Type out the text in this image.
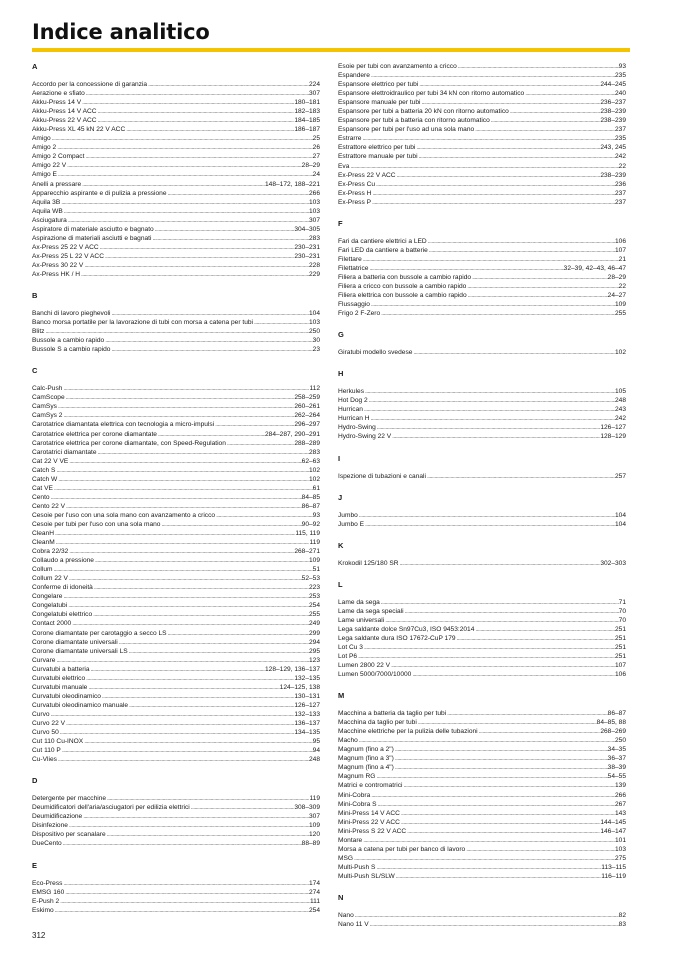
Indice analitico
A
Accordo per la concessione di garanzia .....	224
Aerazione e sfiato .....	307
Akku-Press 14 V .....	180–181
Akku-Press 14 V ACC .....	182–183
Akku-Press 22 V ACC .....	184–185
Akku-Press XL 45 kN 22 V ACC .....	186–187
Amigo .....	25
Amigo 2 .....	26
Amigo 2 Compact .....	27
Amigo 22 V .....	28–29
Amigo E .....	24
Anelli a pressare .....	148–172, 188–221
Apparecchio aspirante e di pulizia a pressione .....	266
Aquila 3B .....	103
Aquila WB .....	103
Asciugatura .....	307
Aspiratore di materiale asciutto e bagnato .....	304–305
Aspirazione di materiali asciutti e bagnati .....	283
Ax-Press 25 22 V ACC .....	230–231
Ax-Press 25 L 22 V ACC .....	230–231
Ax-Press 30 22 V .....	228
Ax-Press HK / H .....	229
B
Banchi di lavoro pieghevoli .....	104
Banco morsa portatile per la lavorazione di tubi con morsa a catena per tubi .....	103
Blitz .....	250
Bussole a cambio rapido .....	30
Bussole S a cambio rapido .....	23
C
Calc-Push .....	112
CamScope .....	258–259
CamSys .....	260–261
CamSys 2 .....	262–264
Carotatrice diamantata elettrica con tecnologia a micro-impulsi .....	296–297
Carotatrice elettrica per corone diamantate .....	284–287, 290–291
Carotatrice elettrica per corone diamantate, con Speed-Regulation .....	288–289
Carotatrici diamantate .....	283
Cat 22 V VE .....	62–63
Catch S .....	102
Catch W .....	102
Cat VE .....	61
Cento .....	84–85
Cento 22 V .....	86–87
Cesoie per l'uso con una sola mano con avanzamento a cricco .....	93
Cesoie per tubi per l'uso con una sola mano .....	90–92
CleanH .....	115, 119
CleanM .....	119
Cobra 22/32 .....	268–271
Collaudo a pressione .....	109
Collum .....	51
Collum 22 V .....	52–53
Conferme di idoneità .....	223
Congelare .....	253
Congelatubi .....	254
Congelatubi elettrico .....	255
Contact 2000 .....	249
Corone diamantate per carotaggio a secco LS .....	299
Corone diamantate universali .....	294
Corone diamantate universali LS .....	295
Curvare .....	123
Curvatubi a batteria .....	128–129, 136–137
Curvatubi elettrico .....	132–135
Curvatubi manuale .....	124–125, 138
Curvatubi oleodinamico .....	130–131
Curvatubi oleodinamico manuale .....	126–127
Curvo .....	132–133
Curvo 22 V .....	136–137
Curvo 50 .....	134–135
Cut 110 Cu-INOX .....	95
Cut 110 P .....	94
Cu-Vlies .....	248
D
Detergente per macchine .....	119
Deumidificatori dell'aria/asciugatori per edilizia elettrici .....	308–309
Deumidificazione .....	307
Disinfezione .....	109
Dispositivo per scanalare .....	120
DueCento .....	88–89
E
Eco-Press .....	174
EMSG 160 .....	274
E-Push 2 .....	111
Eskimo .....	254
Esoie per tubi con avanzamento a cricco .....	93
Espandere .....	235
Espansore elettrico per tubi .....	244–245
Espansore elettroidraulico per tubi 34 kN con ritorno automatico .....	240
Espansore manuale per tubi .....	236–237
Espansore per tubi a batteria 20 kN con ritorno automatico .....	238–239
Espansore per tubi a batteria con ritorno automatico .....	238–239
Espansore per tubi per l'uso ad una sola mano .....	237
Estrarre .....	235
Estrattore elettrico per tubi .....	243, 245
Estrattore manuale per tubi .....	242
Eva .....	22
Ex-Press 22 V ACC .....	238–239
Ex-Press Cu .....	236
Ex-Press H .....	237
Ex-Press P .....	237
F
Fari da cantiere elettrici a LED .....	106
Fari LED da cantiere a batterie .....	107
Filettare .....	21
Filettatrice .....	32–39, 42–43, 46–47
Filiera a batteria con bussole a cambio rapido .....	28–29
Filiera a cricco con bussole a cambio rapido .....	22
Filiera elettrica con bussole a cambio rapido .....	24–27
Flussaggio .....	109
Frigo 2 F-Zero .....	255
G
Giratubi modello svedese .....	102
H
Herkules .....	105
Hot Dog 2 .....	248
Hurrican .....	243
Hurrican H .....	242
Hydro-Swing .....	126–127
Hydro-Swing 22 V .....	128–129
I
Ispezione di tubazioni e canali .....	257
J
Jumbo .....	104
Jumbo E .....	104
K
Krokodil 125/180 SR .....	302–303
L
Lame da sega .....	71
Lame da sega speciali .....	70
Lame universali .....	70
Lega saldante dolce Sn97Cu3, ISO 9453:2014 .....	251
Lega saldante dura ISO 17672-CuP 179 .....	251
Lot Cu 3 .....	251
Lot P6 .....	251
Lumen 2800 22 V .....	107
Lumen 5000/7000/10000 .....	106
M
Macchina a batteria da taglio per tubi .....	86–87
Macchina da taglio per tubi .....	84–85, 88
Macchine elettriche per la pulizia delle tubazioni .....	268–269
Macho .....	250
Magnum (fino a 2") .....	34–35
Magnum (fino a 3") .....	36–37
Magnum (fino a 4") .....	38–39
Magnum RG .....	54–55
Matrici e contromatrici .....	139
Mini-Cobra .....	266
Mini-Cobra S .....	267
Mini-Press 14 V ACC .....	143
Mini-Press 22 V ACC .....	144–145
Mini-Press S 22 V ACC .....	146–147
Montare .....	101
Morsa a catena per tubi per banco di lavoro .....	103
MSG .....	275
Multi-Push S .....	113–115
Multi-Push SL/SLW .....	116–119
N
Nano .....	82
Nano 11 V .....	83

312
